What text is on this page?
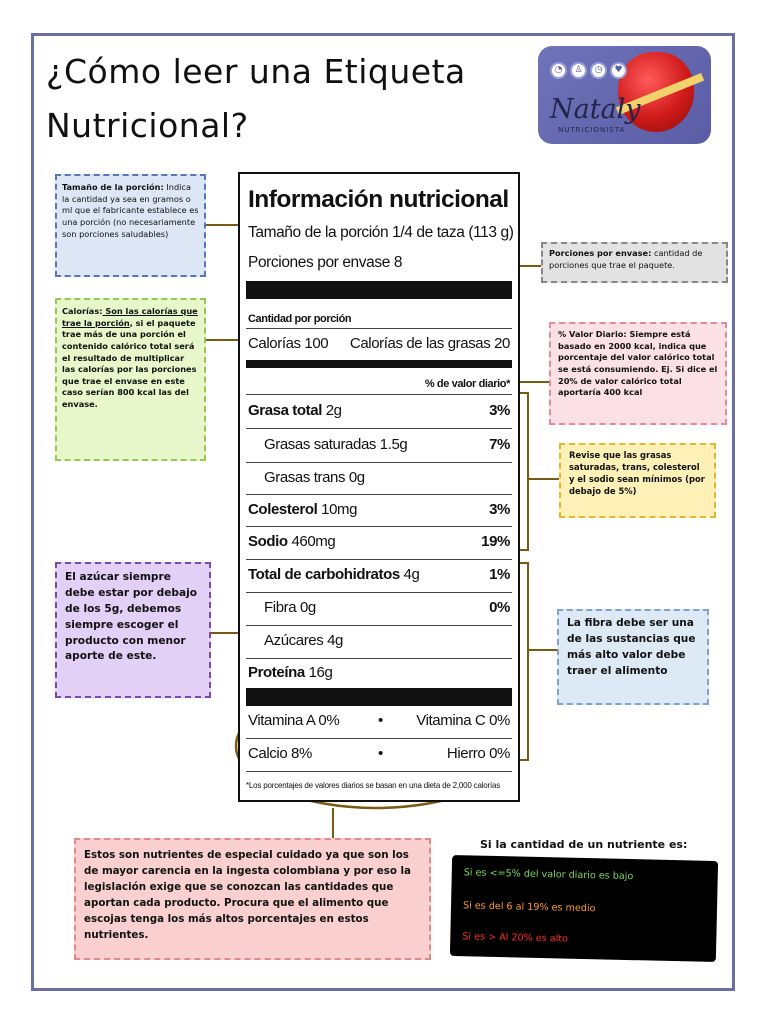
¿Cómo leer una Etiqueta
Nutricional?
◔	♙	◷	♥
Nataly
NUTRICIONISTA
Información nutricional
Tamaño de la porción 1/4 de taza (113 g)
Porciones por envase 8
Cantidad por porción
Calorías 100 Calorías de las grasas 20
% de valor diario*
Grasa total 2g	3%
Grasas saturadas 1.5g	7%
Grasas trans 0g
Colesterol 10mg	3%
Sodio 460mg	19%
Total de carbohidratos 4g	1%
Fibra 0g	0%
Azúcares 4g
Proteína 16g
Vitamina A 0%	• Vitamina C 0%
Calcio 8%	•	Hierro 0%
*Los porcentajes de valores diarios se basan en una dieta de 2,000 calorías
Tamaño de la porción: Indica la cantidad ya sea en gramos o ml que el fabricante establece es una porción (no necesariamente son porciones saludables)
Calorías: Son las calorías que trae la porción, si el paquete trae más de una porción el contenido calórico total será el resultado de multiplicar las calorías por las porciones que trae el envase en este caso serían 800 kcal las del envase.
Porciones por envase: cantidad de porciones que trae el paquete.
% Valor Diario: Siempre está basado en 2000 kcal, indica que porcentaje del valor calórico total se está consumiendo. Ej. Si dice el 20% de valor calórico total aportaría 400 kcal
Revise que las grasas saturadas, trans, colesterol y el sodio sean mínimos (por debajo de 5%)
El azúcar siempre debe estar por debajo de los 5g, debemos siempre escoger el producto con menor aporte de este.
La fibra debe ser una de las sustancias que más alto valor debe traer el alimento
Estos son nutrientes de especial cuidado ya que son los de mayor carencia en la ingesta colombiana y por eso la legislación exige que se conozcan las cantidades que aportan cada producto. Procura que el alimento que escojas tenga los más altos porcentajes en estos nutrientes.
Si la cantidad de un nutriente es:
Si es <=5% del valor diario es bajo
Si es del 6 al 19% es medio
Si es > Al 20% es alto
